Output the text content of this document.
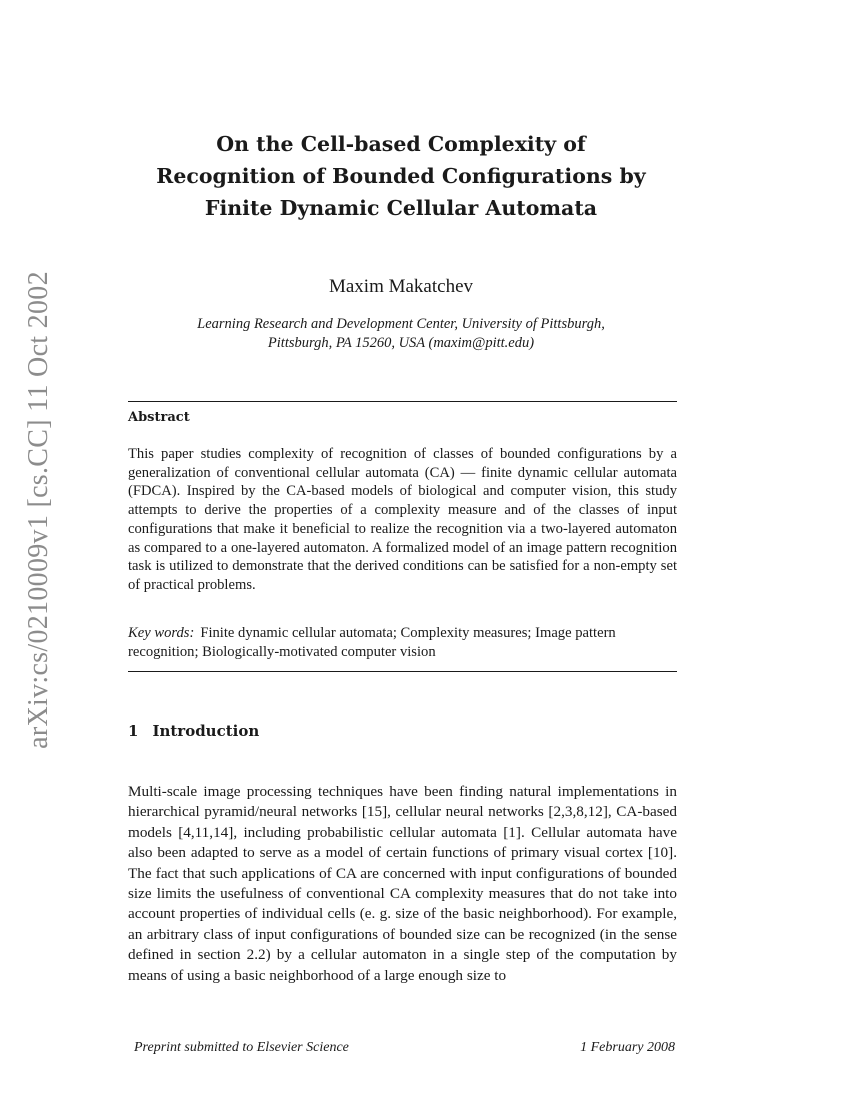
arXiv:cs/0210009v1 [cs.CC] 11 Oct 2002
On the Cell-based Complexity of
Recognition of Bounded Configurations by
Finite Dynamic Cellular Automata
Maxim Makatchev
Learning Research and Development Center, University of Pittsburgh,
Pittsburgh, PA 15260, USA (maxim@pitt.edu)
Abstract
This paper studies complexity of recognition of classes of bounded configurations by a generalization of conventional cellular automata (CA) — finite dynamic cellular automata (FDCA). Inspired by the CA-based models of biological and computer vision, this study attempts to derive the properties of a complexity measure and of the classes of input configurations that make it beneficial to realize the recognition via a two-layered automaton as compared to a one-layered automaton. A formalized model of an image pattern recognition task is utilized to demonstrate that the derived conditions can be satisfied for a non-empty set of practical problems.
Key words: Finite dynamic cellular automata; Complexity measures; Image pattern recognition; Biologically-motivated computer vision
1 Introduction
Multi-scale image processing techniques have been finding natural implementations in hierarchical pyramid/neural networks [15], cellular neural networks [2,3,8,12], CA-based models [4,11,14], including probabilistic cellular automata [1]. Cellular automata have also been adapted to serve as a model of certain functions of primary visual cortex [10]. The fact that such applications of CA are concerned with input configurations of bounded size limits the usefulness of conventional CA complexity measures that do not take into account properties of individual cells (e. g. size of the basic neighborhood). For example, an arbitrary class of input configurations of bounded size can be recognized (in the sense defined in section 2.2) by a cellular automaton in a single step of the computation by means of using a basic neighborhood of a large enough size to
Preprint submitted to Elsevier Science	1 February 2008
